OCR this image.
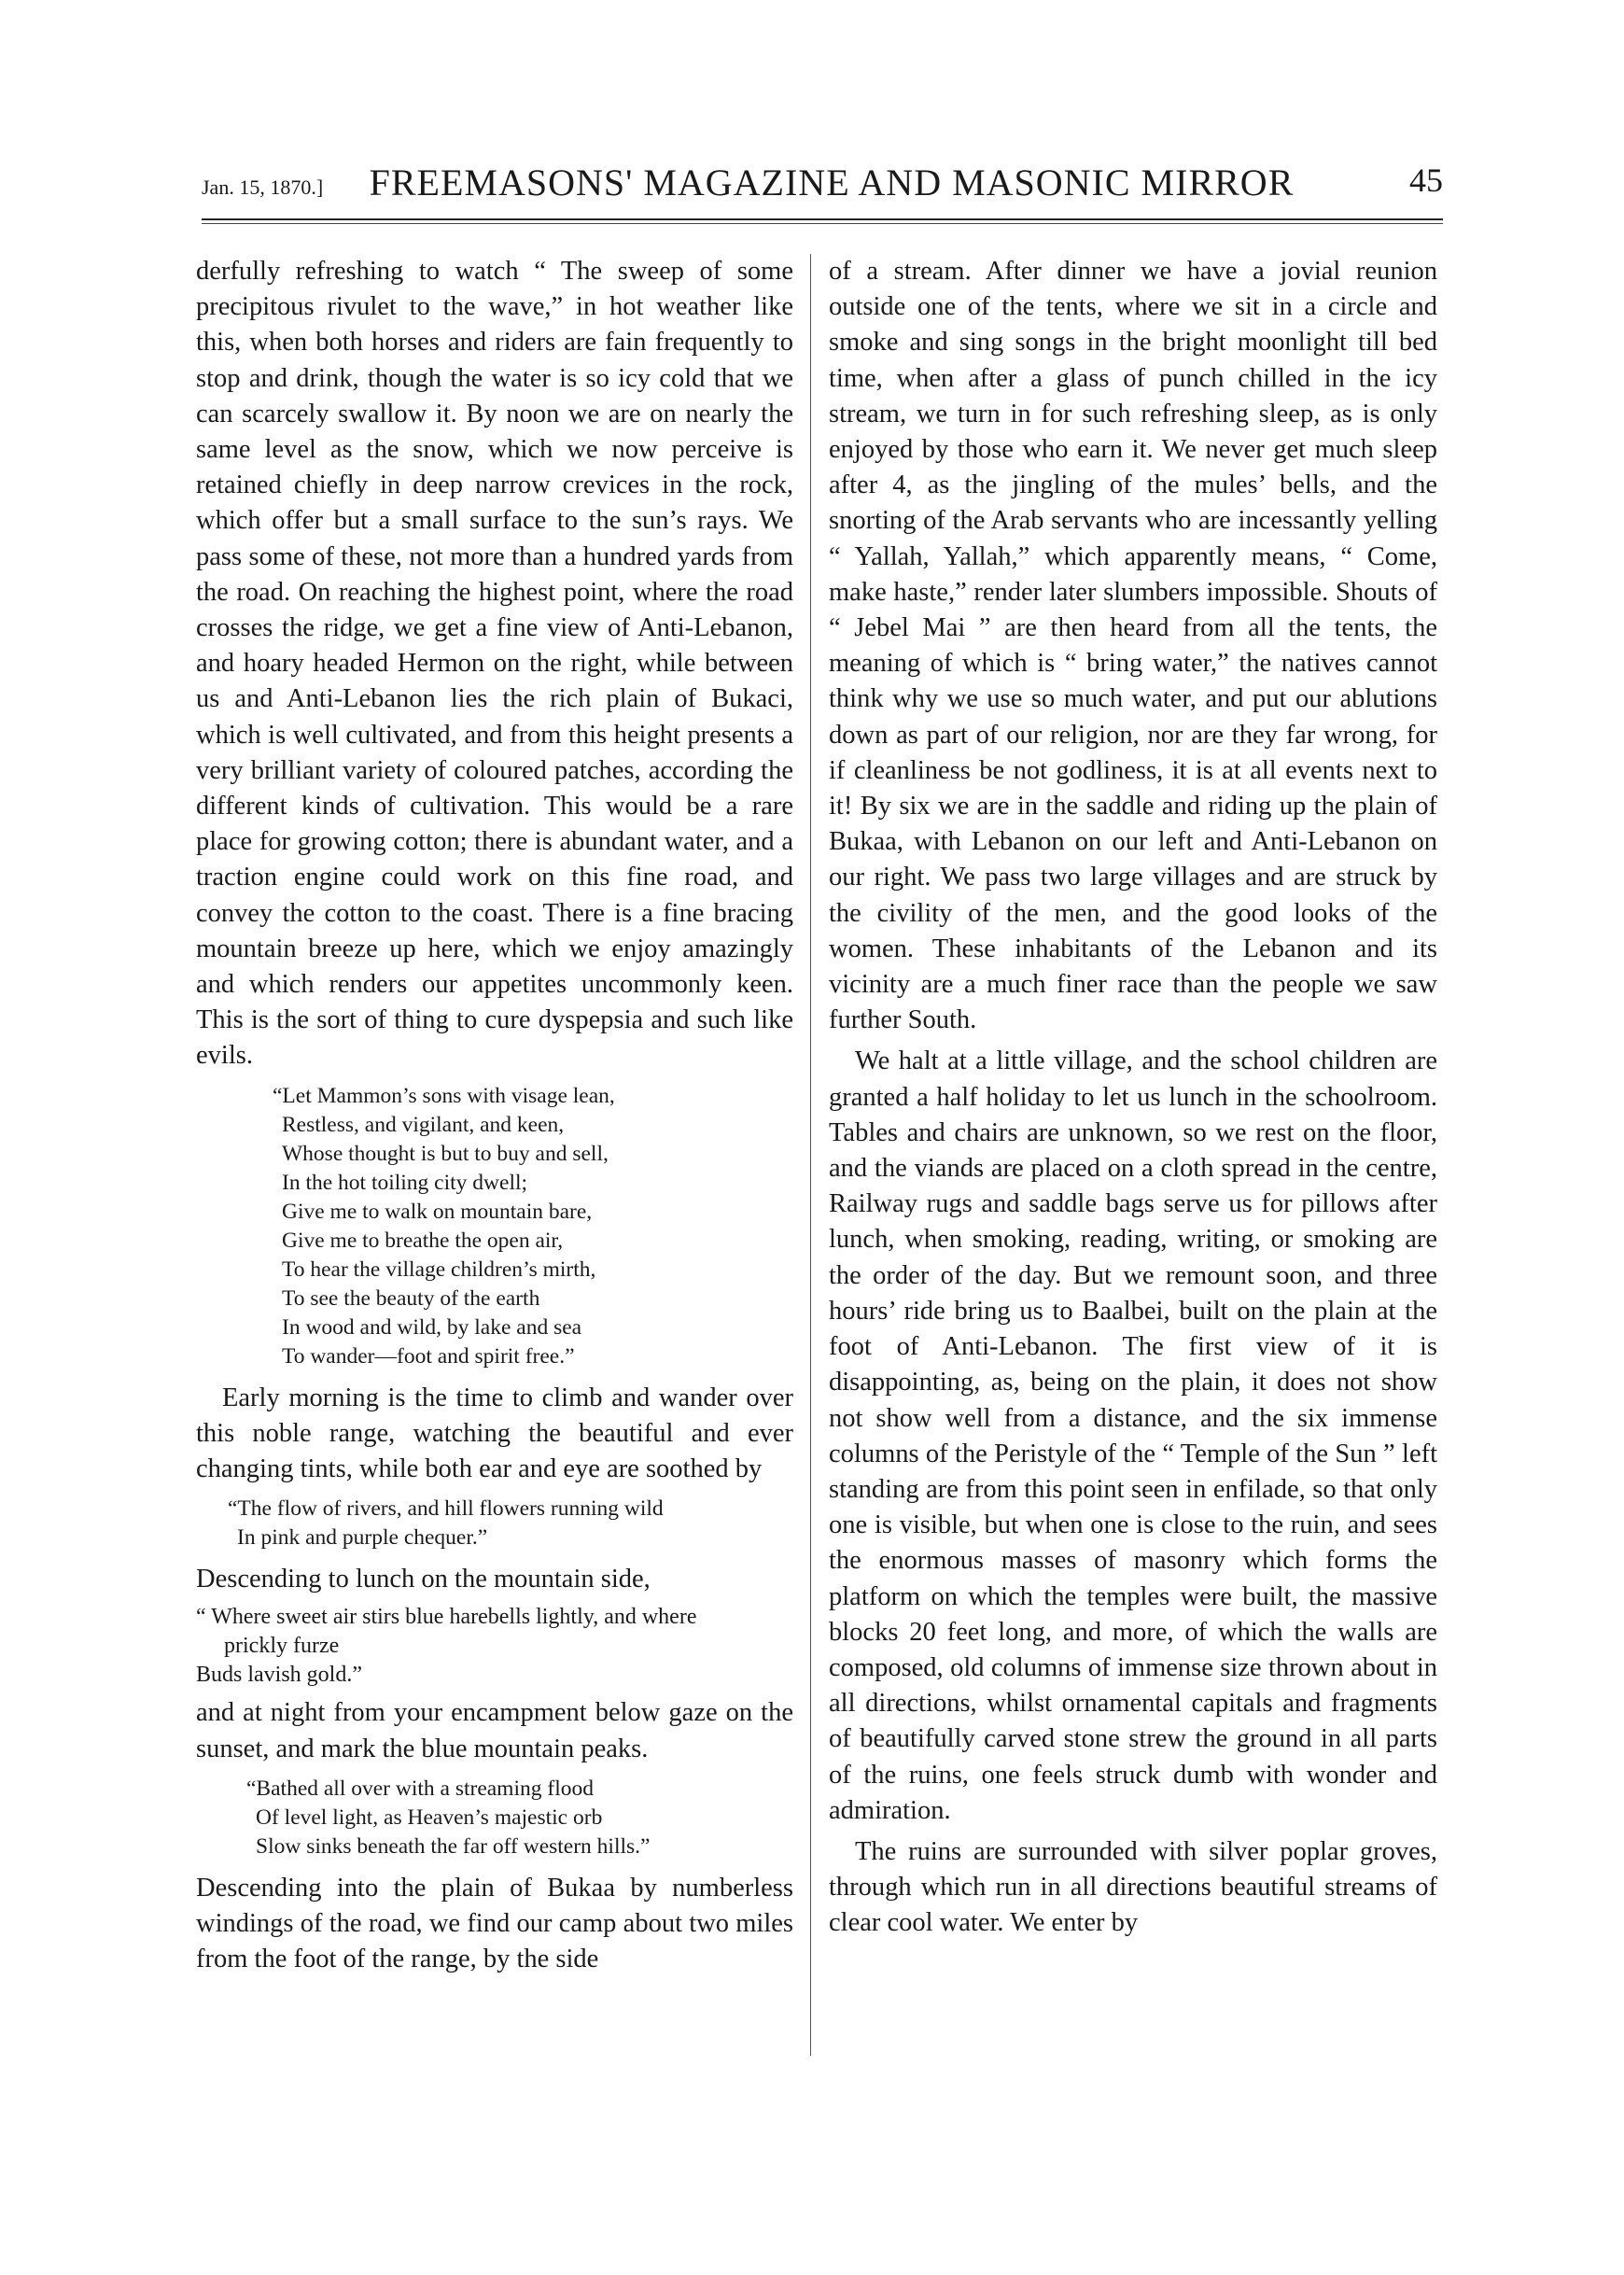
Jan. 15, 1870.]	FREEMASONS' MAGAZINE AND MASONIC MIRROR	45

derfully refreshing to watch “ The sweep of some precipitous rivulet to the wave,” in hot weather like this, when both horses and riders are fain frequently to stop and drink, though the water is so icy cold that we can scarcely swallow it. By noon we are on nearly the same level as the snow, which we now perceive is retained chiefly in deep narrow crevices in the rock, which offer but a small surface to the sun’s rays. We pass some of these, not more than a hundred yards from the road. On reaching the highest point, where the road crosses the ridge, we get a fine view of Anti-Lebanon, and hoary headed Hermon on the right, while between us and Anti-Lebanon lies the rich plain of Bukaci, which is well cultivated, and from this height presents a very brilliant variety of coloured patches, according the different kinds of cultivation. This would be a rare place for growing cotton; there is abundant water, and a traction engine could work on this fine road, and convey the cotton to the coast. There is a fine bracing mountain breeze up here, which we enjoy amazingly and which renders our appetites uncommonly keen. This is the sort of thing to cure dyspepsia and such like evils.

“Let Mammon’s sons with visage lean,
Restless, and vigilant, and keen,
Whose thought is but to buy and sell,
In the hot toiling city dwell;
Give me to walk on mountain bare,
Give me to breathe the open air,
To hear the village children’s mirth,
To see the beauty of the earth
In wood and wild, by lake and sea
To wander—foot and spirit free.”

Early morning is the time to climb and wander over this noble range, watching the beautiful and ever changing tints, while both ear and eye are soothed by

“The flow of rivers, and hill flowers running wild
In pink and purple chequer.”

Descending to lunch on the mountain side,

“ Where sweet air stirs blue harebells lightly, and where
prickly furze
Buds lavish gold.”

and at night from your encampment below gaze on the sunset, and mark the blue mountain peaks.

“Bathed all over with a streaming flood
Of level light, as Heaven’s majestic orb
Slow sinks beneath the far off western hills.”

Descending into the plain of Bukaa by numberless windings of the road, we find our camp about two miles from the foot of the range, by the side

of a stream. After dinner we have a jovial reunion outside one of the tents, where we sit in a circle and smoke and sing songs in the bright moonlight till bed time, when after a glass of punch chilled in the icy stream, we turn in for such refreshing sleep, as is only enjoyed by those who earn it. We never get much sleep after 4, as the jingling of the mules’ bells, and the snorting of the Arab servants who are incessantly yelling “ Yallah, Yallah,” which apparently means, “ Come, make haste,” render later slumbers impossible. Shouts of “ Jebel Mai ” are then heard from all the tents, the meaning of which is “ bring water,” the natives cannot think why we use so much water, and put our ablutions down as part of our religion, nor are they far wrong, for if cleanliness be not godliness, it is at all events next to it! By six we are in the saddle and riding up the plain of Bukaa, with Lebanon on our left and Anti-Lebanon on our right. We pass two large villages and are struck by the civility of the men, and the good looks of the women. These inhabitants of the Lebanon and its vicinity are a much finer race than the people we saw further South.

We halt at a little village, and the school children are granted a half holiday to let us lunch in the schoolroom. Tables and chairs are unknown, so we rest on the floor, and the viands are placed on a cloth spread in the centre, Railway rugs and saddle bags serve us for pillows after lunch, when smoking, reading, writing, or smoking are the order of the day. But we remount soon, and three hours’ ride bring us to Baalbei, built on the plain at the foot of Anti-Lebanon. The first view of it is disappointing, as, being on the plain, it does not show not show well from a distance, and the six immense columns of the Peristyle of the “ Temple of the Sun ” left standing are from this point seen in enfilade, so that only one is visible, but when one is close to the ruin, and sees the enormous masses of masonry which forms the platform on which the temples were built, the massive blocks 20 feet long, and more, of which the walls are composed, old columns of immense size thrown about in all directions, whilst ornamental capitals and fragments of beautifully carved stone strew the ground in all parts of the ruins, one feels struck dumb with wonder and admiration.

The ruins are surrounded with silver poplar groves, through which run in all directions beautiful streams of clear cool water. We enter by
